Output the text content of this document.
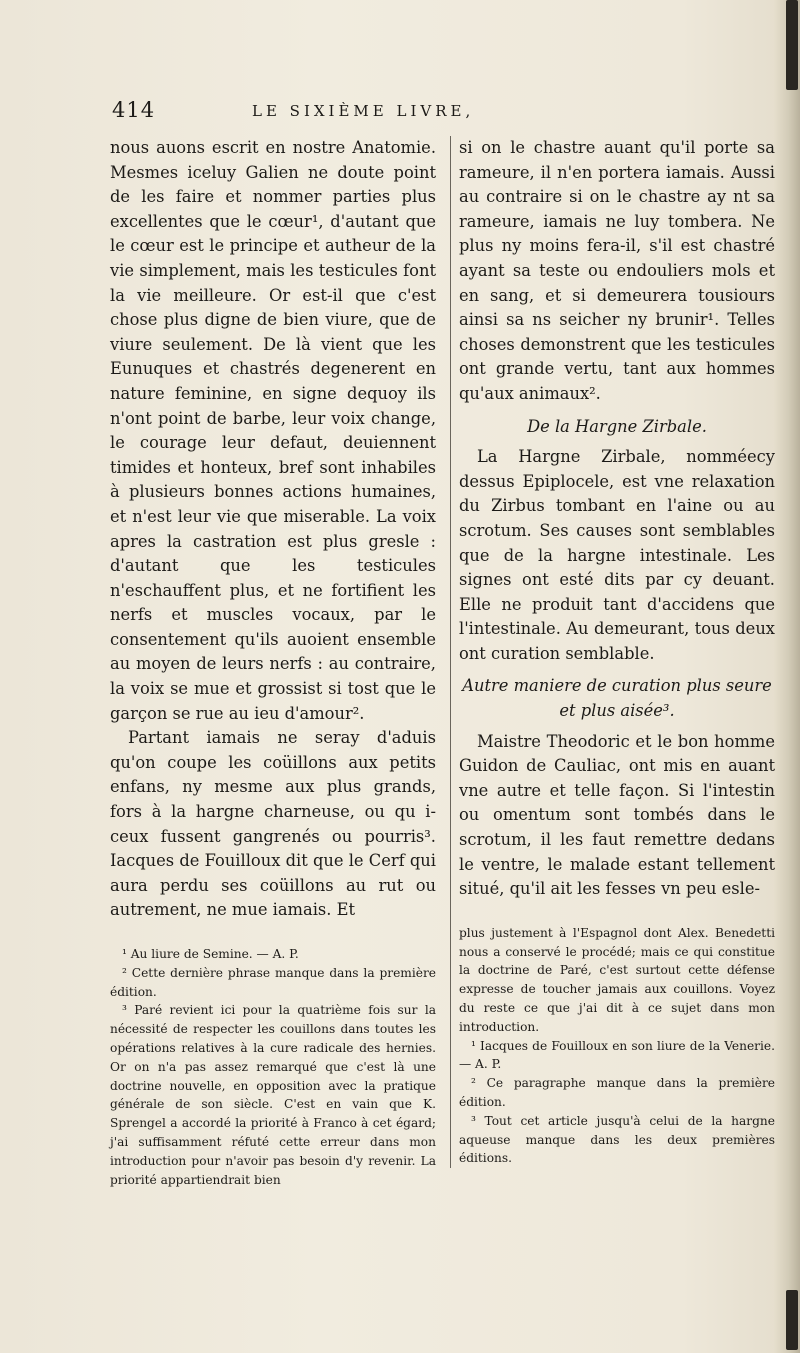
414	LE SIXIÈME LIVRE,

nous auons escrit en nostre Anatomie. Mesmes iceluy Galien ne doute point de les faire et nommer parties plus excellentes que le cœur¹, d'autant que le cœur est le principe et autheur de la vie simplement, mais les testicules font la vie meilleure. Or est-il que c'est chose plus digne de bien viure, que de viure seulement. De là vient que les Eunuques et chastrés degenerent en nature feminine, en signe dequoy ils n'ont point de barbe, leur voix change, le courage leur defaut, deuiennent timides et honteux, bref sont inhabiles à plusieurs bonnes actions humaines, et n'est leur vie que miserable. La voix apres la castration est plus gresle : d'autant que les testicules n'eschauffent plus, et ne fortifient les nerfs et muscles vocaux, par le consentement qu'ils auoient ensemble au moyen de leurs nerfs : au contraire, la voix se mue et grossist si tost que le garçon se rue au ieu d'amour².

Partant iamais ne seray d'aduis qu'on coupe les coüillons aux petits enfans, ny mesme aux plus grands, fors à la hargne charneuse, ou qu i-ceux fussent gangrenés ou pourris³. Iacques de Fouilloux dit que le Cerf qui aura perdu ses coüillons au rut ou autrement, ne mue iamais. Et

¹ Au liure de Semine. — A. P.

² Cette dernière phrase manque dans la première édition.

³ Paré revient ici pour la quatrième fois sur la nécessité de respecter les couillons dans toutes les opérations relatives à la cure radicale des hernies. Or on n'a pas assez remarqué que c'est là une doctrine nouvelle, en opposition avec la pratique générale de son siècle. C'est en vain que K. Sprengel a accordé la priorité à Franco à cet égard; j'ai suffisamment réfuté cette erreur dans mon introduction pour n'avoir pas besoin d'y revenir. La priorité appartiendrait bien

si on le chastre auant qu'il porte sa rameure, il n'en portera iamais. Aussi au contraire si on le chastre ay nt sa rameure, iamais ne luy tombera. Ne plus ny moins fera-il, s'il est chastré ayant sa teste ou endouliers mols et en sang, et si demeurera tousiours ainsi sa ns seicher ny brunir¹. Telles choses demonstrent que les testicules ont grande vertu, tant aux hommes qu'aux animaux².

De la Hargne Zirbale.

La Hargne Zirbale, nomméecy dessus Epiplocele, est vne relaxation du Zirbus tombant en l'aine ou au scrotum. Ses causes sont semblables que de la hargne intestinale. Les signes ont esté dits par cy deuant. Elle ne produit tant d'accidens que l'intestinale. Au demeurant, tous deux ont curation semblable.

Autre maniere de curation plus seure et plus aisée³.

Maistre Theodoric et le bon homme Guidon de Cauliac, ont mis en auant vne autre et telle façon. Si l'intestin ou omentum sont tombés dans le scrotum, il les faut remettre dedans le ventre, le malade estant tellement situé, qu'il ait les fesses vn peu esle-

plus justement à l'Espagnol dont Alex. Benedetti nous a conservé le procédé; mais ce qui constitue la doctrine de Paré, c'est surtout cette défense expresse de toucher jamais aux couillons. Voyez du reste ce que j'ai dit à ce sujet dans mon introduction.

¹ Iacques de Fouilloux en son liure de la Venerie. — A. P.

² Ce paragraphe manque dans la première édition.

³ Tout cet article jusqu'à celui de la hargne aqueuse manque dans les deux premières éditions.
